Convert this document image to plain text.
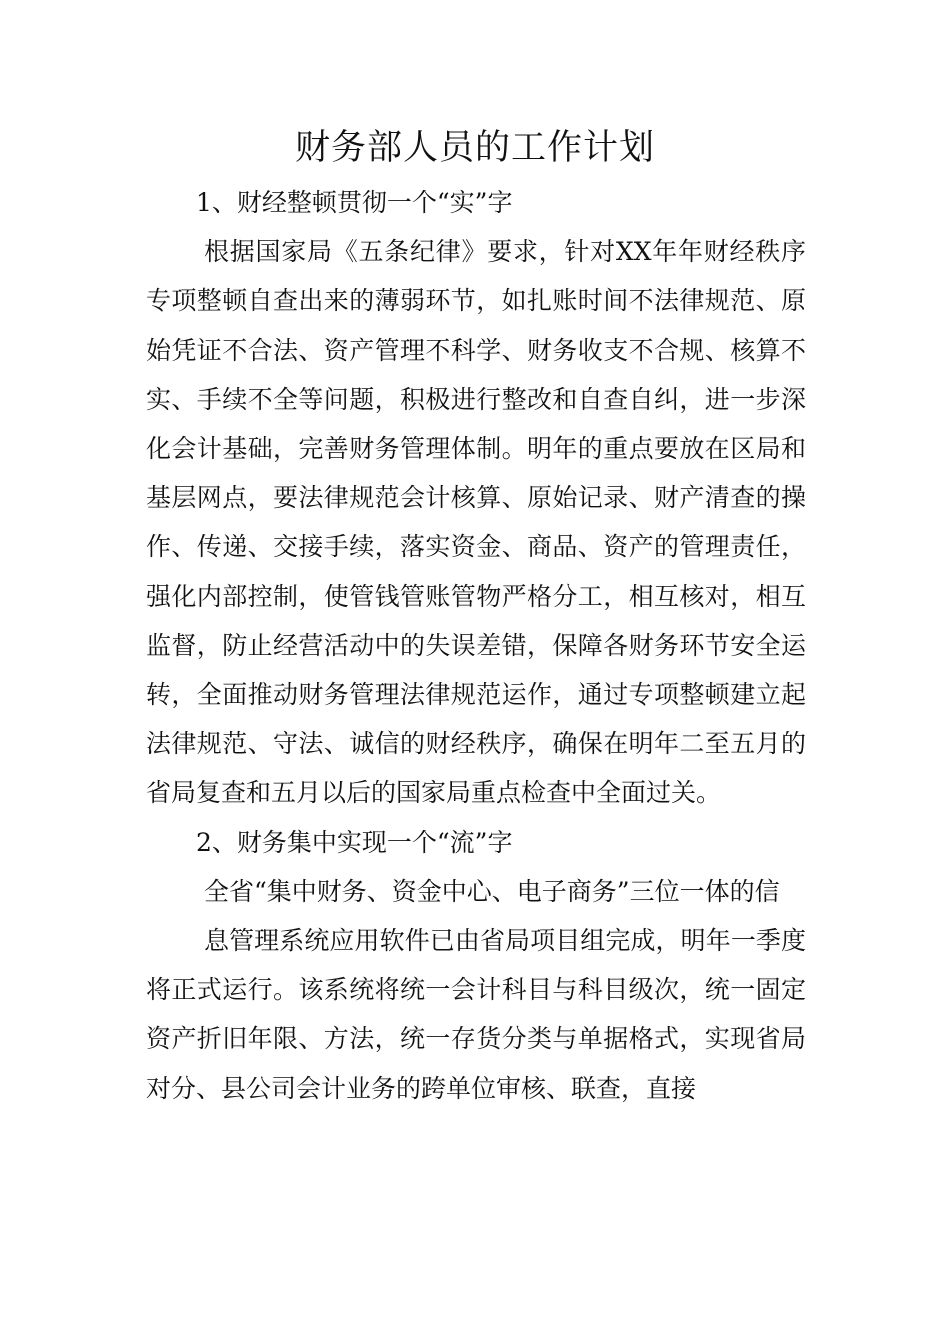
财务部人员的工作计划

1、财经整顿贯彻一个“实”字

根据国家局《五条纪律》要求，针对XX年年财经秩序专项整顿自查出来的薄弱环节，如扎账时间不法律规范、原始凭证不合法、资产管理不科学、财务收支不合规、核算不实、手续不全等问题，积极进行整改和自查自纠，进一步深化会计基础，完善财务管理体制。明年的重点要放在区局和基层网点，要法律规范会计核算、原始记录、财产清查的操作、传递、交接手续，落实资金、商品、资产的管理责任，强化内部控制，使管钱管账管物严格分工，相互核对，相互监督，防止经营活动中的失误差错，保障各财务环节安全运转，全面推动财务管理法律规范运作，通过专项整顿建立起法律规范、守法、诚信的财经秩序，确保在明年二至五月的省局复查和五月以后的国家局重点检查中全面过关。

2、财务集中实现一个“流”字

全省“集中财务、资金中心、电子商务”三位一体的信

息管理系统应用软件已由省局项目组完成，明年一季度将正式运行。该系统将统一会计科目与科目级次，统一固定资产折旧年限、方法，统一存货分类与单据格式，实现省局对分、县公司会计业务的跨单位审核、联查，直接
